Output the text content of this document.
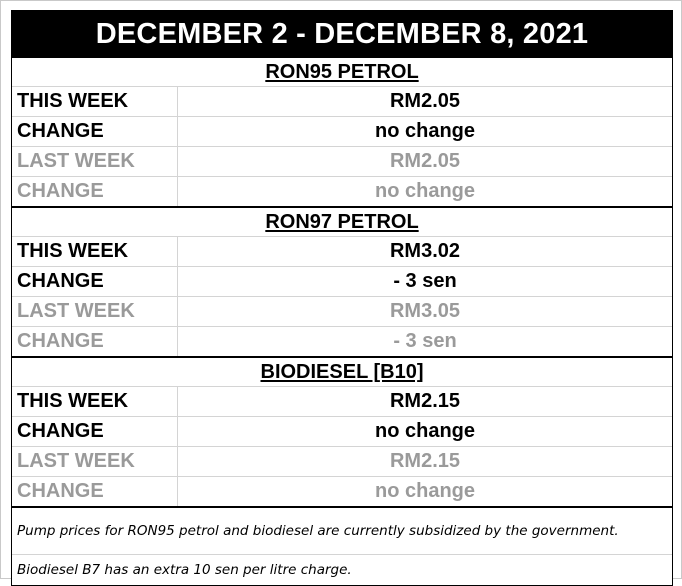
DECEMBER 2 - DECEMBER 8, 2021
RON95 PETROL
THIS WEEK	RM2.05
CHANGE	no change
LAST WEEK	RM2.05
CHANGE	no change
RON97 PETROL
THIS WEEK	RM3.02
CHANGE	- 3 sen
LAST WEEK	RM3.05
CHANGE	- 3 sen
BIODIESEL [B10]
THIS WEEK	RM2.15
CHANGE	no change
LAST WEEK	RM2.15
CHANGE	no change
Pump prices for RON95 petrol and biodiesel are currently subsidized by the government.
Biodiesel B7 has an extra 10 sen per litre charge.
